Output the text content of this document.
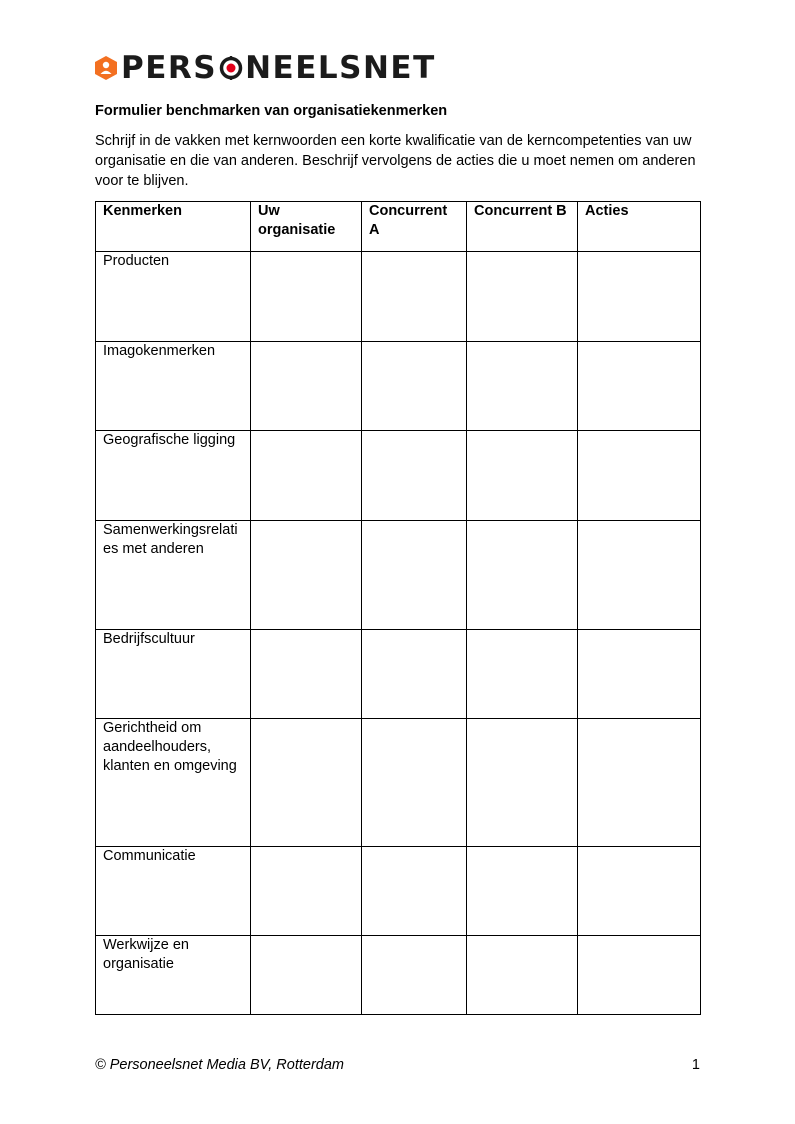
PERS NEELSNET
Formulier benchmarken van organisatiekenmerken
Schrijf in de vakken met kernwoorden een korte kwalificatie van de kerncompetenties van uw organisatie en die van anderen. Beschrijf vervolgens de acties die u moet nemen om anderen voor te blijven.
Kenmerken	Uw organisatie	Concurrent A	Concurrent B	Acties
Producten				
Imagokenmerken				
Geografische ligging				
Samenwerkingsrelaties met anderen				
Bedrijfscultuur				
Gerichtheid om aandeelhouders, klanten en omgeving				
Communicatie				
Werkwijze en organisatie				
© Personeelsnet Media BV, Rotterdam	1
